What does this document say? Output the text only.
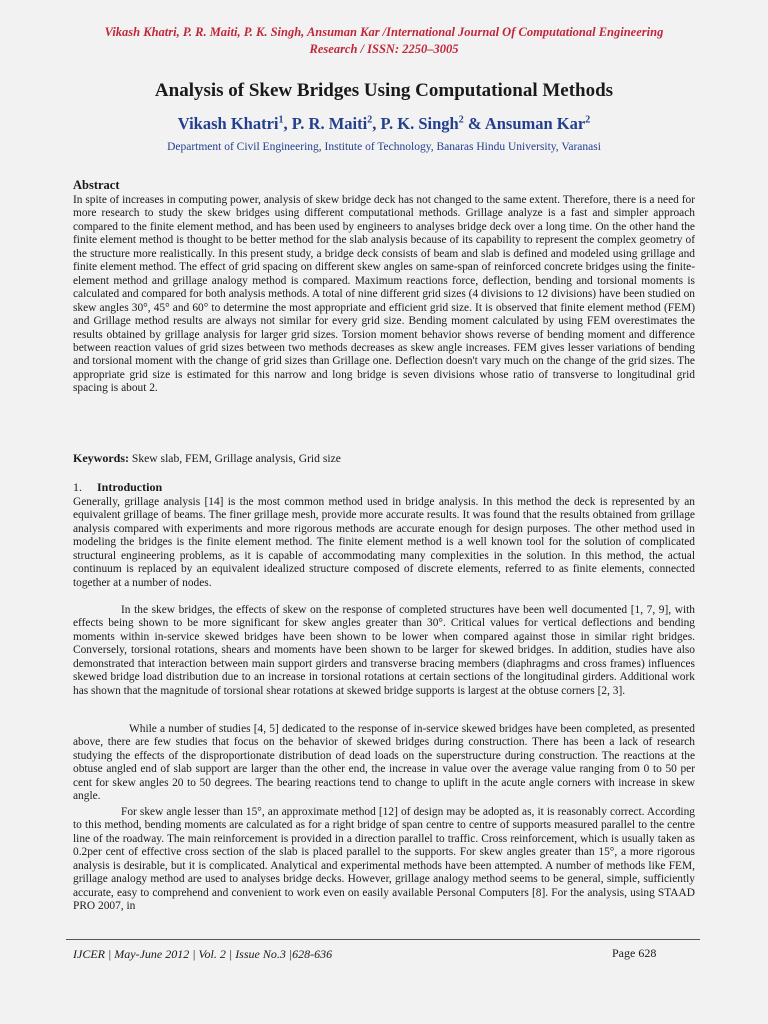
Vikash Khatri, P. R. Maiti, P. K. Singh, Ansuman Kar /International Journal Of Computational Engineering
Research / ISSN: 2250–3005
Analysis of Skew Bridges Using Computational Methods
Vikash Khatri$^1$, P. R. Maiti$^2$, P. K. Singh$^2$ & Ansuman Kar$^2$
Department of Civil Engineering, Institute of Technology, Banaras Hindu University, Varanasi
Abstract

In spite of increases in computing power, analysis of skew bridge deck has not changed to the same extent. Therefore, there is a need for more research to study the skew bridges using different computational methods. Grillage analyze is a fast and simpler approach compared to the finite element method, and has been used by engineers to analyses bridge deck over a long time. On the other hand the finite element method is thought to be better method for the slab analysis because of its capability to represent the complex geometry of the structure more realistically. In this present study, a bridge deck consists of beam and slab is defined and modeled using grillage and finite element method. The effect of grid spacing on different skew angles on same-span of reinforced concrete bridges using the finite-element method and grillage analogy method is compared. Maximum reactions force, deflection, bending and torsional moments is calculated and compared for both analysis methods. A total of nine different grid sizes (4 divisions to 12 divisions) have been studied on skew angles 30°, 45° and 60° to determine the most appropriate and efficient grid size. It is observed that finite element method (FEM) and Grillage method results are always not similar for every grid size. Bending moment calculated by using FEM overestimates the results obtained by grillage analysis for larger grid sizes. Torsion moment behavior shows reverse of bending moment and difference between reaction values of grid sizes between two methods decreases as skew angle increases. FEM gives lesser variations of bending and torsional moment with the change of grid sizes than Grillage one. Deflection doesn't vary much on the change of the grid sizes. The appropriate grid size is estimated for this narrow and long bridge is seven divisions whose ratio of transverse to longitudinal grid spacing is about 2.

Keywords: Skew slab, FEM, Grillage analysis, Grid size
1. Introduction

Generally, grillage analysis [14] is the most common method used in bridge analysis. In this method the deck is represented by an equivalent grillage of beams. The finer grillage mesh, provide more accurate results. It was found that the results obtained from grillage analysis compared with experiments and more rigorous methods are accurate enough for design purposes. The other method used in modeling the bridges is the finite element method. The finite element method is a well known tool for the solution of complicated structural engineering problems, as it is capable of accommodating many complexities in the solution. In this method, the actual continuum is replaced by an equivalent idealized structure composed of discrete elements, referred to as finite elements, connected together at a number of nodes.

In the skew bridges, the effects of skew on the response of completed structures have been well documented [1, 7, 9], with effects being shown to be more significant for skew angles greater than 30°. Critical values for vertical deflections and bending moments within in-service skewed bridges have been shown to be lower when compared against those in similar right bridges. Conversely, torsional rotations, shears and moments have been shown to be larger for skewed bridges. In addition, studies have also demonstrated that interaction between main support girders and transverse bracing members (diaphragms and cross frames) influences skewed bridge load distribution due to an increase in torsional rotations at certain sections of the longitudinal girders. Additional work has shown that the magnitude of torsional shear rotations at skewed bridge supports is largest at the obtuse corners [2, 3].

While a number of studies [4, 5] dedicated to the response of in-service skewed bridges have been completed, as presented above, there are few studies that focus on the behavior of skewed bridges during construction. There has been a lack of research studying the effects of the disproportionate distribution of dead loads on the superstructure during construction. The reactions at the obtuse angled end of slab support are larger than the other end, the increase in value over the average value ranging from 0 to 50 per cent for skew angles 20 to 50 degrees. The bearing reactions tend to change to uplift in the acute angle corners with increase in skew angle.

For skew angle lesser than 15°, an approximate method [12] of design may be adopted as, it is reasonably correct. According to this method, bending moments are calculated as for a right bridge of span centre to centre of supports measured parallel to the centre line of the roadway. The main reinforcement is provided in a direction parallel to traffic. Cross reinforcement, which is usually taken as 0.2per cent of effective cross section of the slab is placed parallel to the supports. For skew angles greater than 15°, a more rigorous analysis is desirable, but it is complicated. Analytical and experimental methods have been attempted. A number of methods like FEM, grillage analogy method are used to analyses bridge decks. However, grillage analogy method seems to be general, simple, sufficiently accurate, easy to comprehend and convenient to work even on easily available Personal Computers [8]. For the analysis, using STAAD PRO 2007, in

IJCER | May-June 2012 | Vol. 2 | Issue No.3 |628-636	Page 628
